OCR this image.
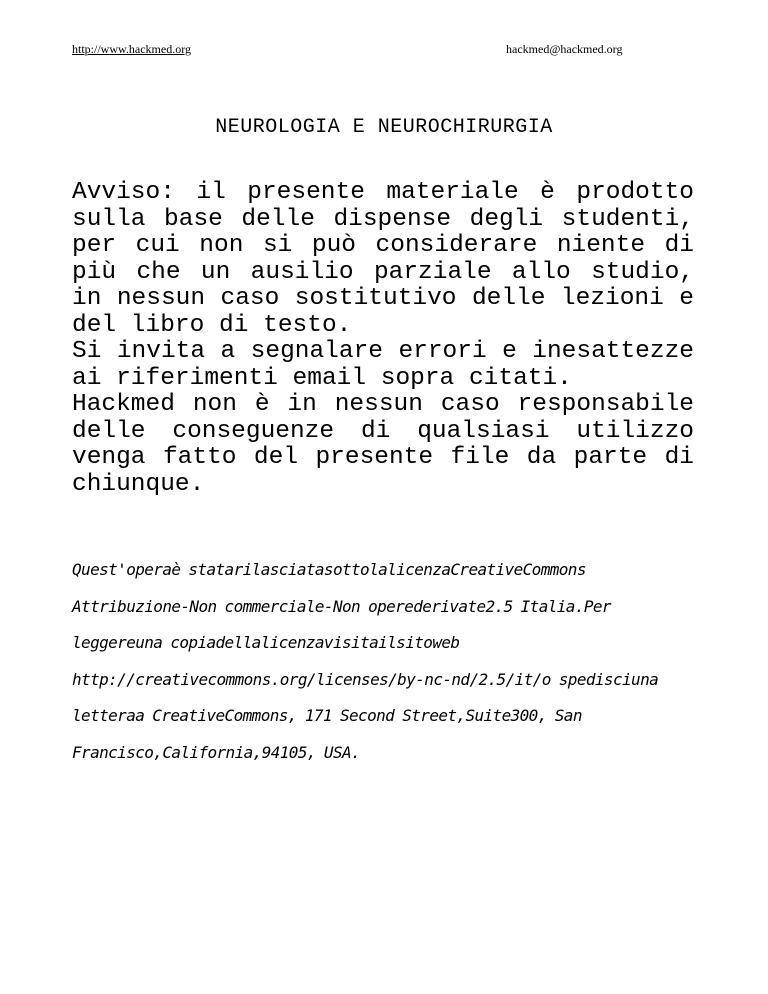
http://www.hackmed.org	hackmed@hackmed.org
NEUROLOGIA E NEUROCHIRURGIA

Avviso: il presente materiale è prodotto sulla base delle dispense degli studenti, per cui non si può considerare niente di più che un ausilio parziale allo studio, in nessun caso sostitutivo delle lezioni e del libro di testo.

Si invita a segnalare errori e inesattezze ai riferimenti email sopra citati.

Hackmed non è in nessun caso responsabile delle conseguenze di qualsiasi utilizzo venga fatto del presente file da parte di chiunque.

Quest'operaè statarilasciatasottolalicenzaCreativeCommons
Attribuzione-Non commerciale-Non operederivate2.5 Italia.Per
leggereuna copiadellalicenzavisitailsitoweb
http://creativecommons.org/licenses/by-nc-nd/2.5/it/o spedisciuna
letteraa CreativeCommons, 171 Second Street,Suite300, San
Francisco,California,94105, USA.
